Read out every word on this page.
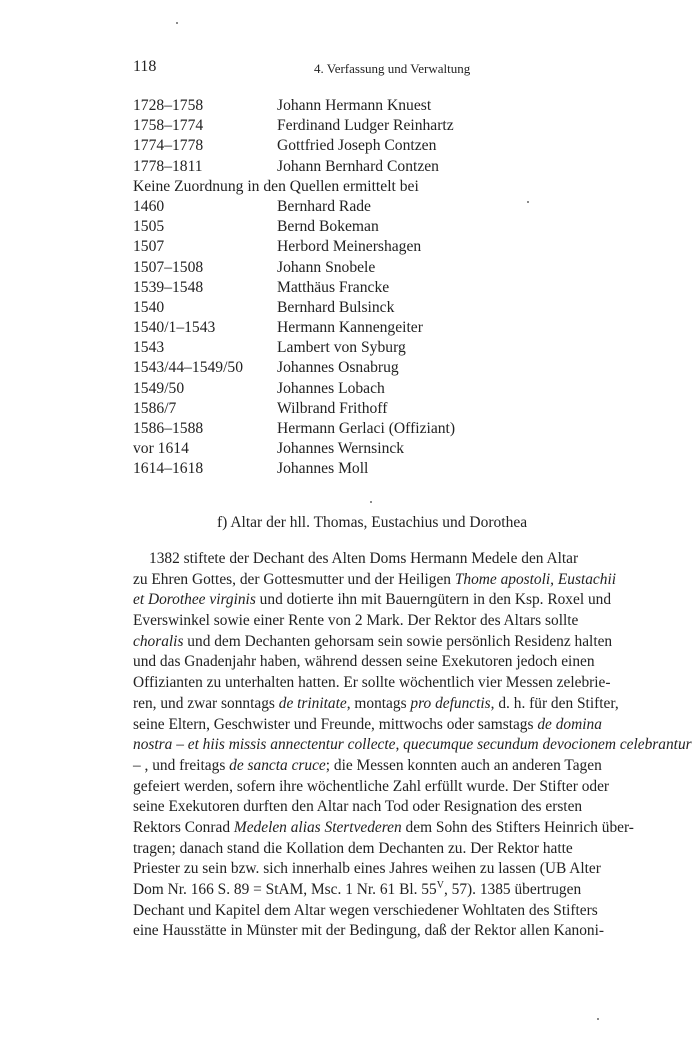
118	4. Verfassung und Verwaltung
1728–1758	Johann Hermann Knuest
1758–1774	Ferdinand Ludger Reinhartz
1774–1778	Gottfried Joseph Contzen
1778–1811	Johann Bernhard Contzen
Keine Zuordnung in den Quellen ermittelt bei
1460	Bernhard Rade
1505	Bernd Bokeman
1507	Herbord Meinershagen
1507–1508	Johann Snobele
1539–1548	Matthäus Francke
1540	Bernhard Bulsinck
1540/1–1543	Hermann Kannengeiter
1543	Lambert von Syburg
1543/44–1549/50	Johannes Osnabrug
1549/50	Johannes Lobach
1586/7	Wilbrand Frithoff
1586–1588	Hermann Gerlaci (Offiziant)
vor 1614	Johannes Wernsinck
1614–1618	Johannes Moll
f) Altar der hll. Thomas, Eustachius und Dorothea
1382 stiftete der Dechant des Alten Doms Hermann Medele den Altar
zu Ehren Gottes, der Gottesmutter und der Heiligen Thome apostoli, Eustachii
et Dorothee virginis und dotierte ihn mit Bauerngütern in den Ksp. Roxel und
Everswinkel sowie einer Rente von 2 Mark. Der Rektor des Altars sollte
choralis und dem Dechanten gehorsam sein sowie persönlich Residenz halten
und das Gnadenjahr haben, während dessen seine Exekutoren jedoch einen
Offizianten zu unterhalten hatten. Er sollte wöchentlich vier Messen zelebrie-
ren, und zwar sonntags de trinitate, montags pro defunctis, d. h. für den Stifter,
seine Eltern, Geschwister und Freunde, mittwochs oder samstags de domina
nostra – et hiis missis annectentur collecte, quecumque secundum devocionem celebrantur
– , und freitags de sancta cruce; die Messen konnten auch an anderen Tagen
gefeiert werden, sofern ihre wöchentliche Zahl erfüllt wurde. Der Stifter oder
seine Exekutoren durften den Altar nach Tod oder Resignation des ersten
Rektors Conrad Medelen alias Stertvederen dem Sohn des Stifters Heinrich über-
tragen; danach stand die Kollation dem Dechanten zu. Der Rektor hatte
Priester zu sein bzw. sich innerhalb eines Jahres weihen zu lassen (UB Alter
Dom Nr. 166 S. 89 = StAM, Msc. 1 Nr. 61 Bl. $55^V$, 57). 1385 übertrugen
Dechant und Kapitel dem Altar wegen verschiedener Wohltaten des Stifters
eine Hausstätte in Münster mit der Bedingung, daß der Rektor allen Kanoni-
